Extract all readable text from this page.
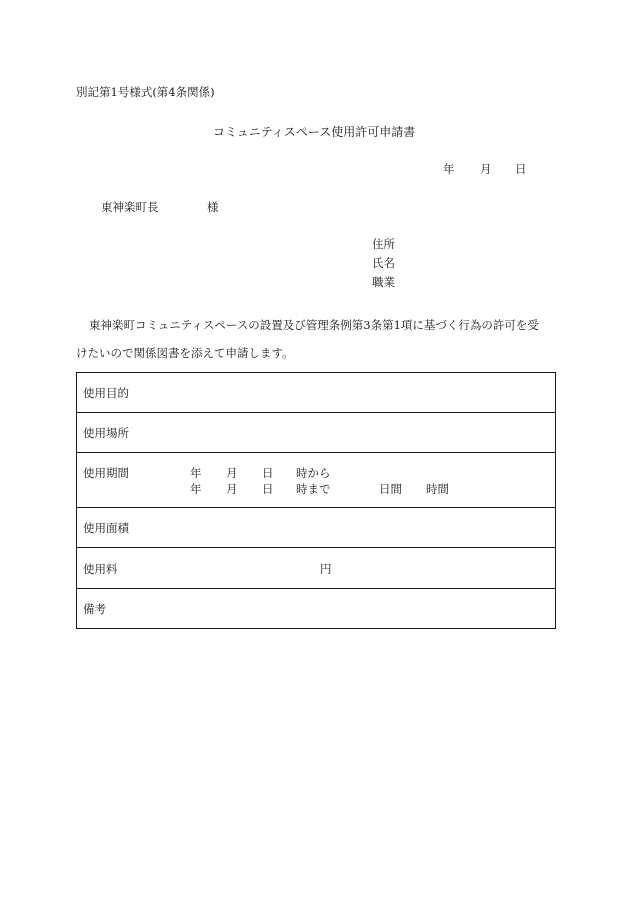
別記第1号様式(第4条関係)
コミュニティスペース使用許可申請書
年 月 日
東神楽町長	様
住所
氏名
職業
東神楽町コミュニティスペースの設置及び管理条例第3条第1項に基づく行為の許可を受
けたいので関係図書を添えて申請します。
使用目的
使用場所

使用期間	年 月 日 時から
年 月 日 時まで	日間 時間

使用面積

使用料	円

備考
